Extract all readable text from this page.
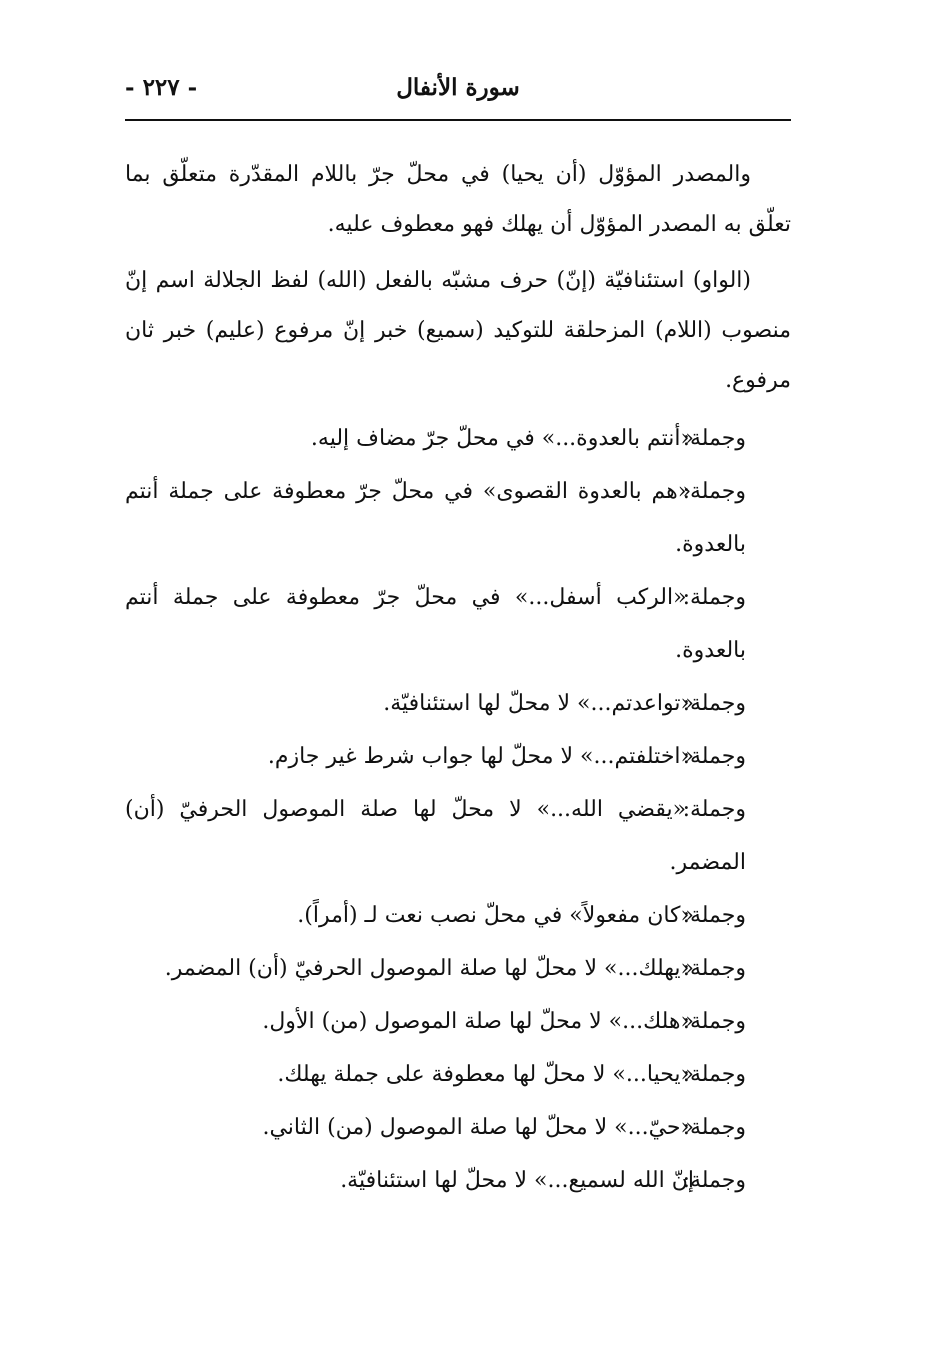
سورة الأنفال
- ٢٢٧ -

والمصدر المؤوّل (أن يحيا) في محلّ جرّ باللام المقدّرة متعلّق بما تعلّق به المصدر المؤوّل أن يهلك فهو معطوف عليه.

(الواو) استئنافيّة (إنّ) حرف مشبّه بالفعل (الله) لفظ الجلالة اسم إنّ منصوب (اللام) المزحلقة للتوكيد (سميع) خبر إنّ مرفوع (عليم) خبر ثان مرفوع.

وجملة: «أنتم بالعدوة...» في محلّ جرّ مضاف إليه.

وجملة: «هم بالعدوة القصوى» في محلّ جرّ معطوفة على جملة أنتم بالعدوة.

وجملة: «الركب أسفل...» في محلّ جرّ معطوفة على جملة أنتم بالعدوة.

وجملة: «تواعدتم...» لا محلّ لها استئنافيّة.

وجملة: «اختلفتم...» لا محلّ لها جواب شرط غير جازم.

وجملة: «يقضي الله...» لا محلّ لها صلة الموصول الحرفيّ (أن) المضمر.

وجملة: «كان مفعولاً» في محلّ نصب نعت لـ (أمراً).

وجملة: «يهلك...» لا محلّ لها صلة الموصول الحرفيّ (أن) المضمر.

وجملة: «هلك...» لا محلّ لها صلة الموصول (من) الأول.

وجملة: «يحيا...» لا محلّ لها معطوفة على جملة يهلك.

وجملة: «حيّ...» لا محلّ لها صلة الموصول (من) الثاني.

وجملة: إنّ الله لسميع...» لا محلّ لها استئنافيّة.
